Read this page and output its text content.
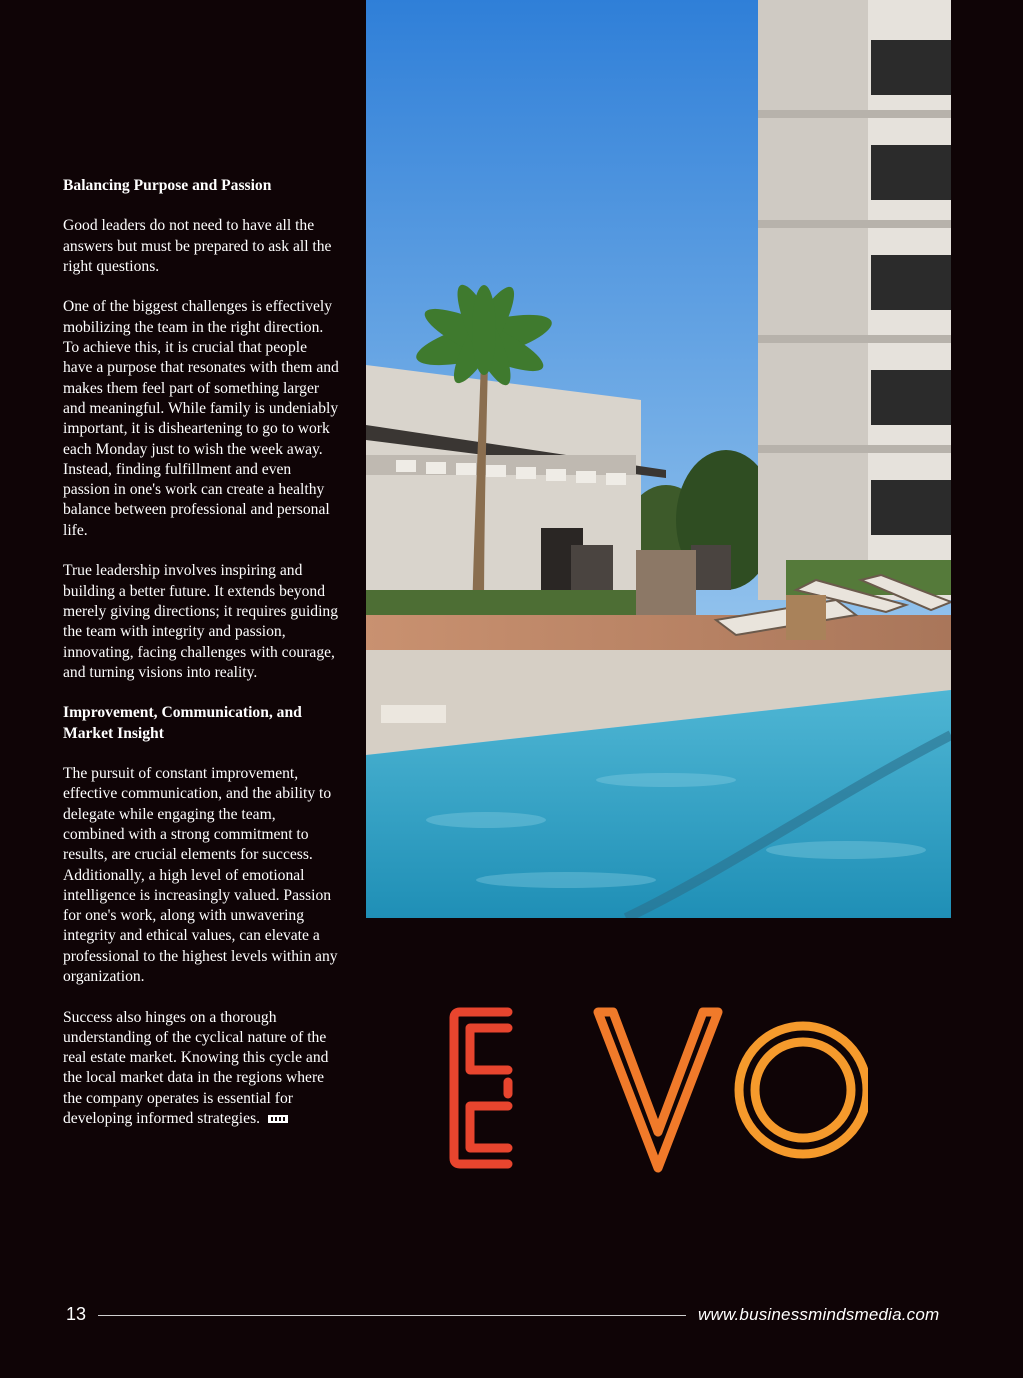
Balancing Purpose and Passion

Good leaders do not need to have all the answers but must be prepared to ask all the right questions.

One of the biggest challenges is effectively mobilizing the team in the right direction. To achieve this, it is crucial that people have a purpose that resonates with them and makes them feel part of something larger and meaningful. While family is undeniably important, it is disheartening to go to work each Monday just to wish the week away. Instead, finding fulfillment and even passion in one's work can create a healthy balance between professional and personal life.

True leadership involves inspiring and building a better future. It extends beyond merely giving directions; it requires guiding the team with integrity and passion, innovating, facing challenges with courage, and turning visions into reality.

Improvement, Communication, and Market Insight

The pursuit of constant improvement, effective communication, and the ability to delegate while engaging the team, combined with a strong commitment to results, are crucial elements for success. Additionally, a high level of emotional intelligence is increasingly valued. Passion for one's work, along with unwavering integrity and ethical values, can elevate a professional to the highest levels within any organization.

Success also hinges on a thorough understanding of the cyclical nature of the real estate market. Knowing this cycle and the local market data in the regions where the company operates is essential for developing informed strategies.

13	www.businessmindsmedia.com
